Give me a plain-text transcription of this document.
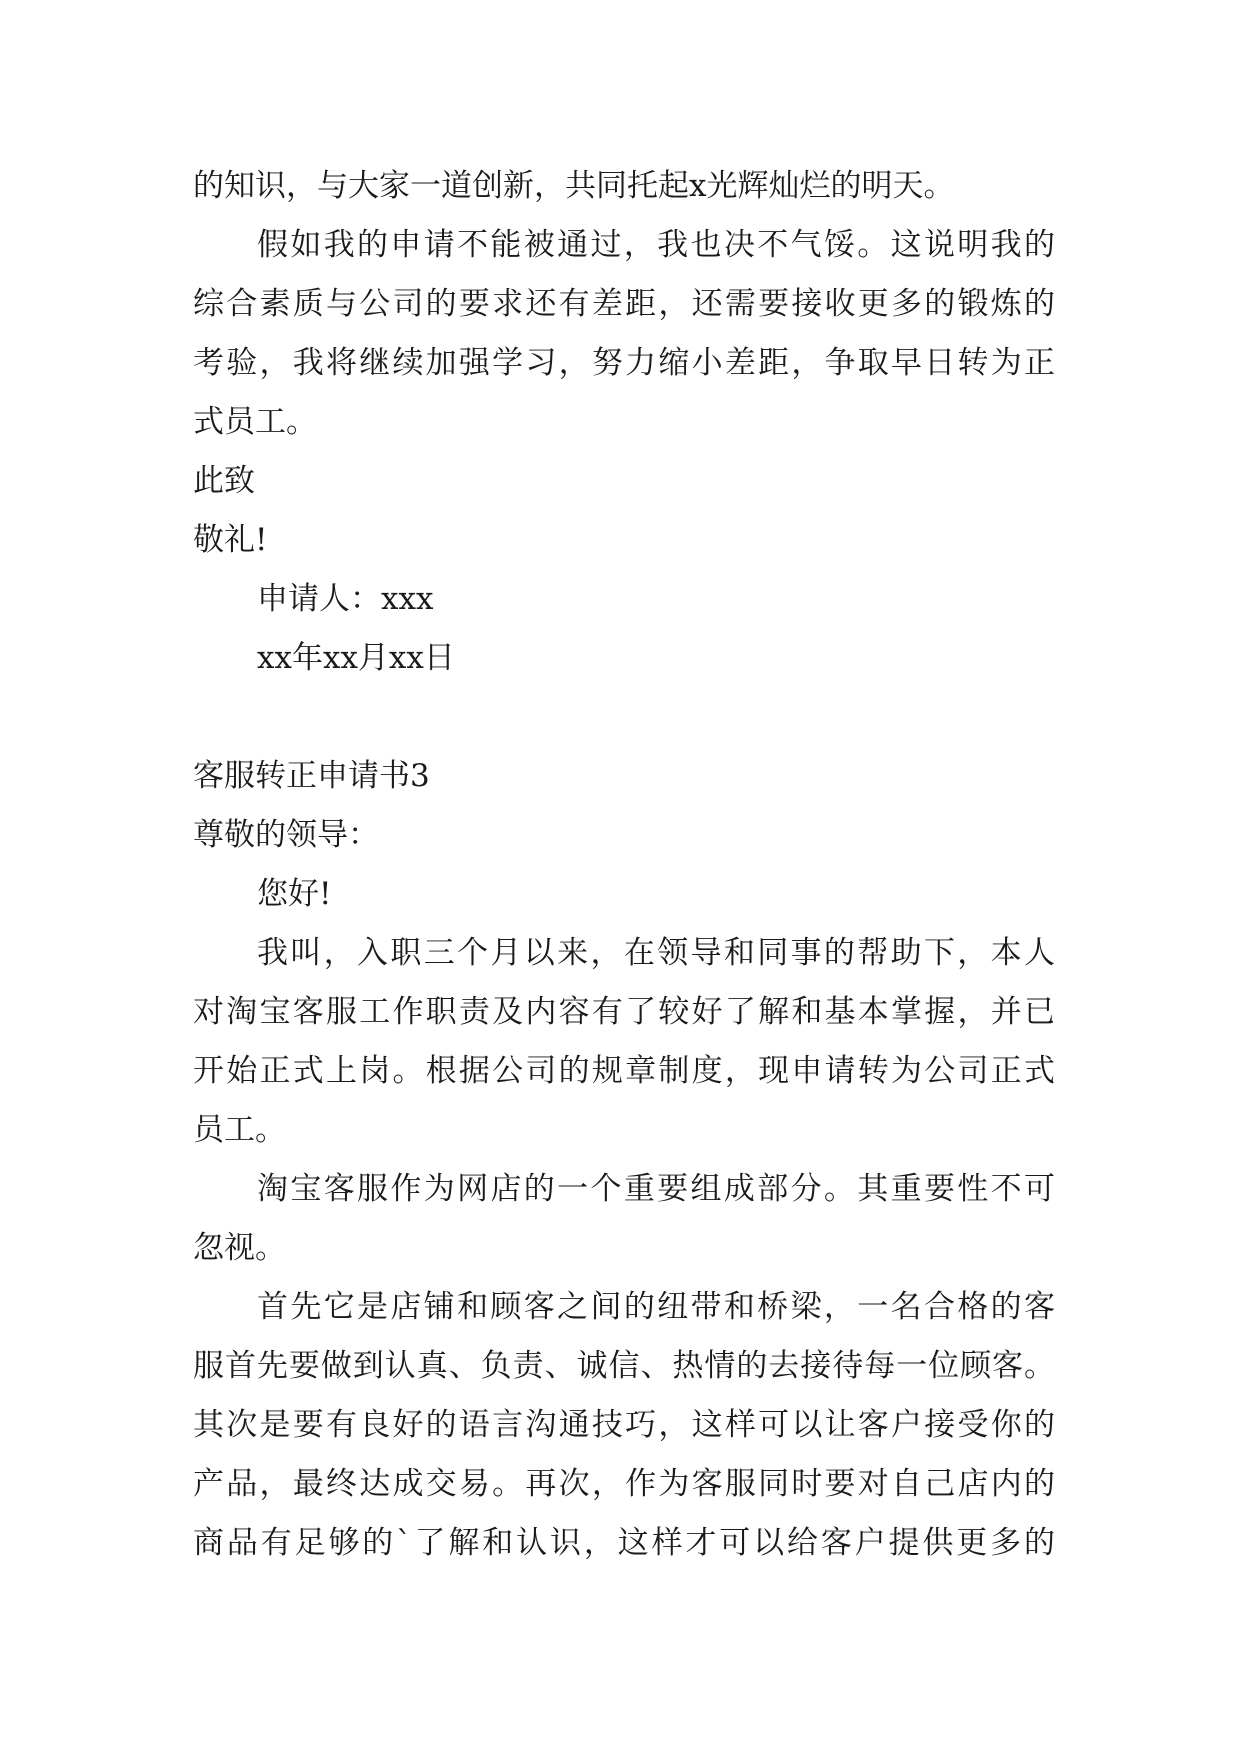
的知识，与大家一道创新，共同托起x光辉灿烂的明天。
假如我的申请不能被通过，我也决不气馁。这说明我的
综合素质与公司的要求还有差距，还需要接收更多的锻炼的
考验，我将继续加强学习，努力缩小差距，争取早日转为正
式员工。
此致
敬礼!
申请人：xxx
xx年xx月xx日
客服转正申请书3
尊敬的领导：
您好!
我叫，入职三个月以来，在领导和同事的帮助下，本人
对淘宝客服工作职责及内容有了较好了解和基本掌握，并已
开始正式上岗。根据公司的规章制度，现申请转为公司正式
员工。
淘宝客服作为网店的一个重要组成部分。其重要性不可
忽视。
首先它是店铺和顾客之间的纽带和桥梁，一名合格的客
服首先要做到认真、负责、诚信、热情的去接待每一位顾客。
其次是要有良好的语言沟通技巧，这样可以让客户接受你的
产品，最终达成交易。再次，作为客服同时要对自己店内的
商品有足够的`了解和认识，这样才可以给客户提供更多的
